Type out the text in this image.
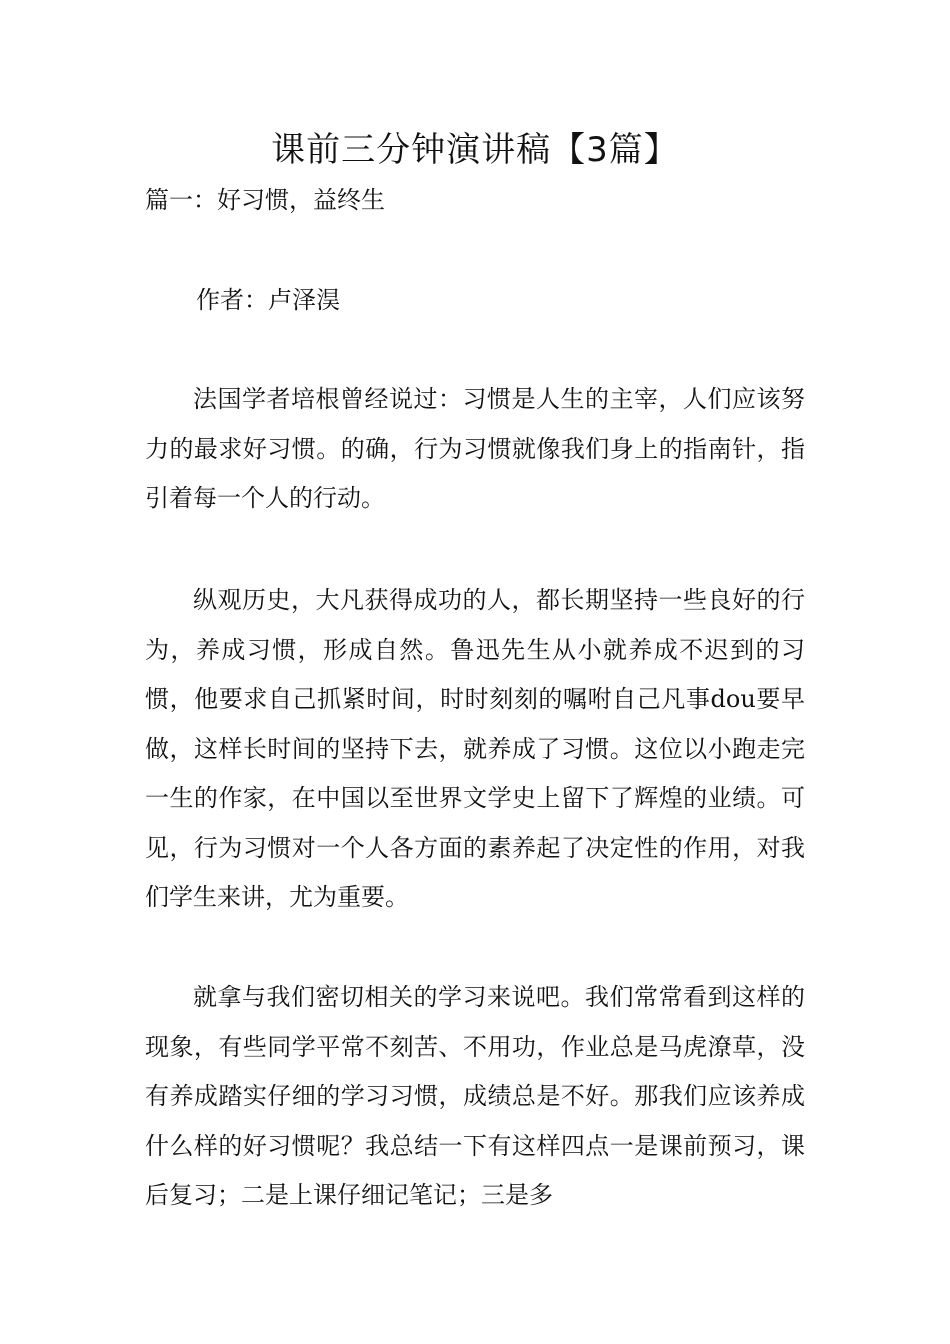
课前三分钟演讲稿【3篇】
篇一：好习惯，益终生
作者：卢泽淏

法国学者培根曾经说过：习惯是人生的主宰，人们应该努力的最求好习惯。的确，行为习惯就像我们身上的指南针，指引着每一个人的行动。

纵观历史，大凡获得成功的人，都长期坚持一些良好的行为，养成习惯，形成自然。鲁迅先生从小就养成不迟到的习惯，他要求自己抓紧时间，时时刻刻的嘱咐自己凡事dou要早做，这样长时间的坚持下去，就养成了习惯。这位以小跑走完一生的作家，在中国以至世界文学史上留下了辉煌的业绩。可见，行为习惯对一个人各方面的素养起了决定性的作用，对我们学生来讲，尤为重要。

就拿与我们密切相关的学习来说吧。我们常常看到这样的现象，有些同学平常不刻苦、不用功，作业总是马虎潦草，没有养成踏实仔细的学习习惯，成绩总是不好。那我们应该养成什么样的好习惯呢？我总结一下有这样四点一是课前预习，课后复习；二是上课仔细记笔记；三是多
